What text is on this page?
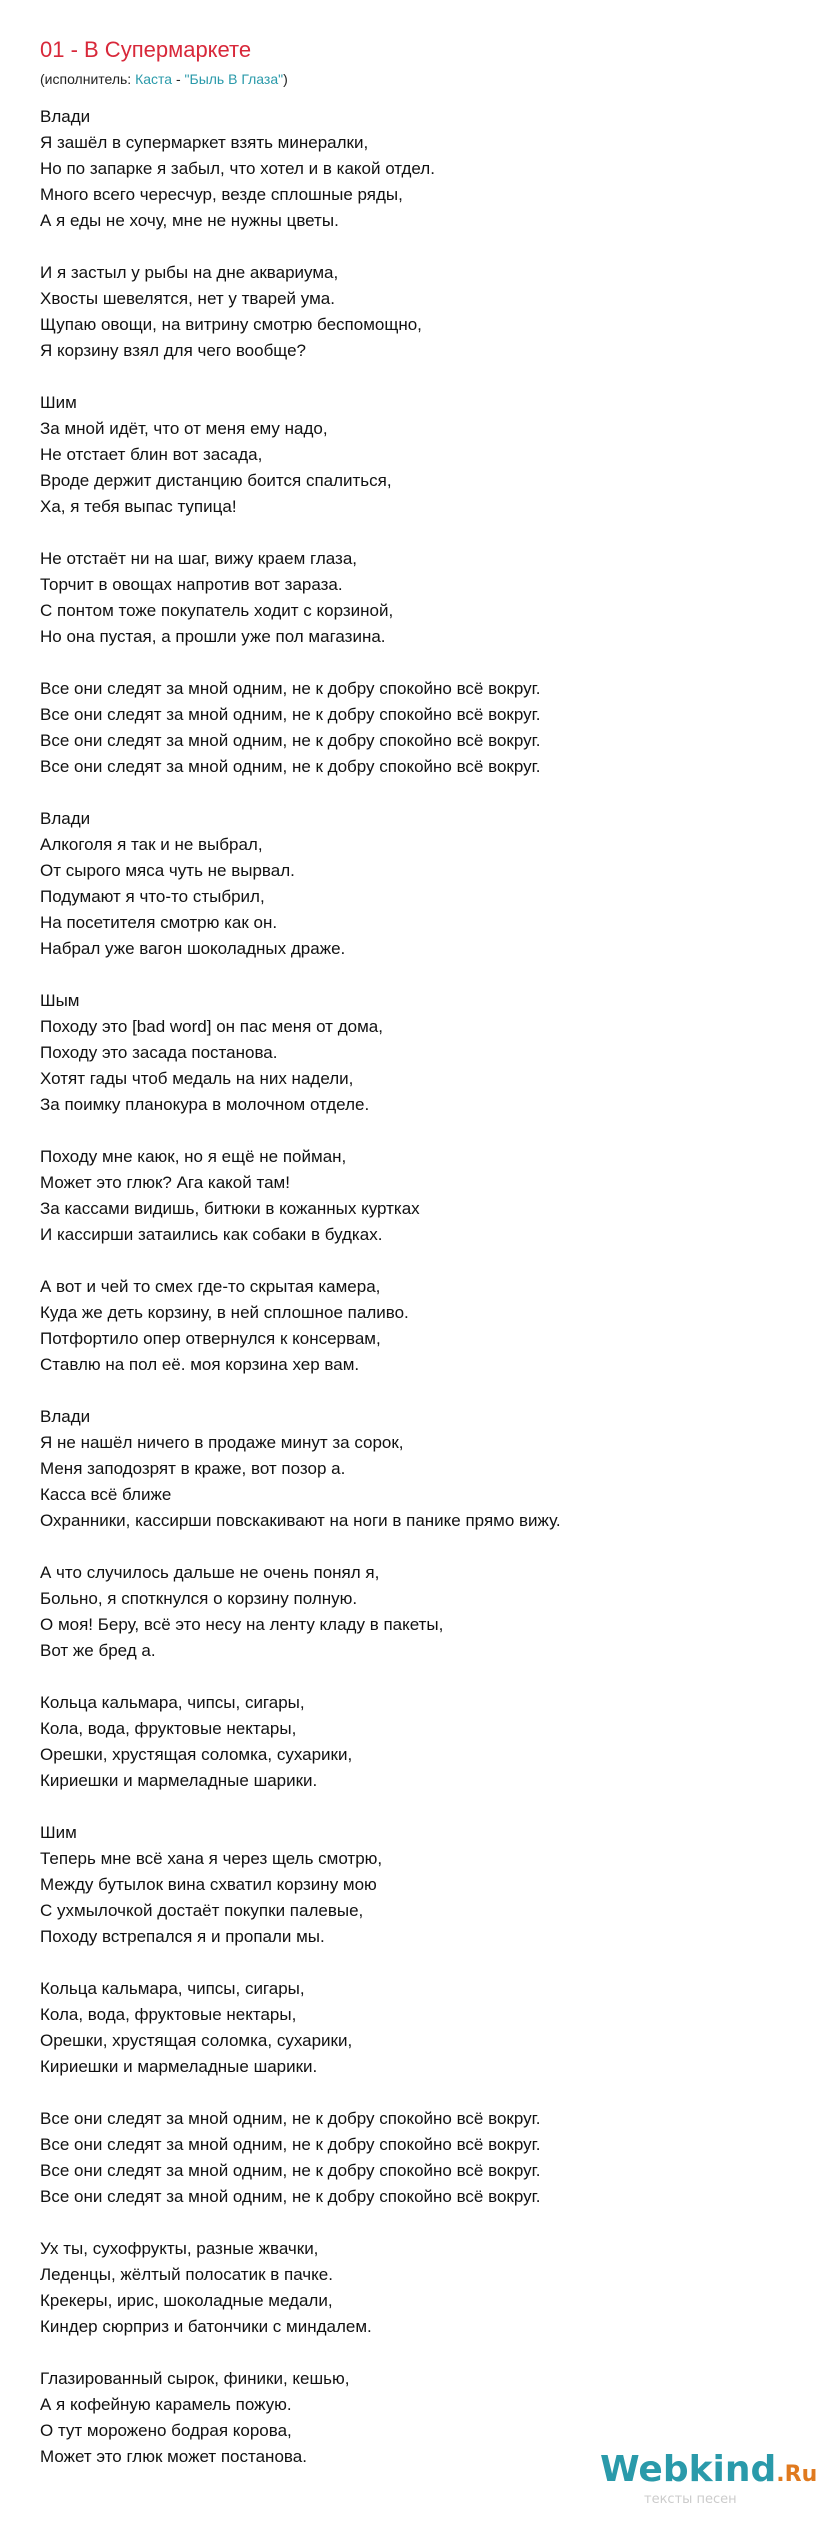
01 - В Супермаркете
(исполнитель: Каста - "Быль В Глаза")
Влади
Я зашёл в супермаркет взять минералки,
Но по запарке я забыл, что хотел и в какой отдел.
Много всего чересчур, везде сплошные ряды,
А я еды не хочу, мне не нужны цветы.

И я застыл у рыбы на дне аквариума,
Хвосты шевелятся, нет у тварей ума.
Щупаю овощи, на витрину смотрю беспомощно,
Я корзину взял для чего вообще?

Шим
За мной идёт, что от меня ему надо,
Не отстает блин вот засада,
Вроде держит дистанцию боится спалиться,
Ха, я тебя выпас тупица!

Не отстаёт ни на шаг, вижу краем глаза,
Торчит в овощах напротив вот зараза.
С понтом тоже покупатель ходит с корзиной,
Но она пустая, а прошли уже пол магазина.

Все они следят за мной одним, не к добру спокойно всё вокруг.
Все они следят за мной одним, не к добру спокойно всё вокруг.
Все они следят за мной одним, не к добру спокойно всё вокруг.
Все они следят за мной одним, не к добру спокойно всё вокруг.

Влади
Алкоголя я так и не выбрал,
От сырого мяса чуть не вырвал.
Подумают я что-то стыбрил,
На посетителя смотрю как он.
Набрал уже вагон шоколадных драже.

Шым
Походу это [bad word] он пас меня от дома,
Походу это засада постанова.
Хотят гады чтоб медаль на них надели,
За поимку планокура в молочном отделе.

Походу мне каюк, но я ещё не пойман,
Может это глюк? Ага какой там!
За кассами видишь, битюки в кожанных куртках
И кассирши затаились как собаки в будках.

А вот и чей то смех где-то скрытая камера,
Куда же деть корзину, в ней сплошное паливо.
Потфортило опер отвернулся к консервам,
Ставлю на пол её. моя корзина хер вам.

Влади
Я не нашёл ничего в продаже минут за сорок,
Меня заподозрят в краже, вот позор а.
Касса всё ближе
Охранники, кассирши повскакивают на ноги в панике прямо вижу.

А что случилось дальше не очень понял я,
Больно, я споткнулся о корзину полную.
О моя! Беру, всё это несу на ленту кладу в пакеты,
Вот же бред а.

Кольца кальмара, чипсы, сигары,
Кола, вода, фруктовые нектары,
Орешки, хрустящая соломка, сухарики,
Кириешки и мармеладные шарики.

Шим
Теперь мне всё хана я через щель смотрю,
Между бутылок вина схватил корзину мою
С ухмылочкой достаёт покупки палевые,
Походу встрепался я и пропали мы.

Кольца кальмара, чипсы, сигары,
Кола, вода, фруктовые нектары,
Орешки, хрустящая соломка, сухарики,
Кириешки и мармеладные шарики.

Все они следят за мной одним, не к добру спокойно всё вокруг.
Все они следят за мной одним, не к добру спокойно всё вокруг.
Все они следят за мной одним, не к добру спокойно всё вокруг.
Все они следят за мной одним, не к добру спокойно всё вокруг.

Ух ты, сухофрукты, разные жвачки,
Леденцы, жёлтый полосатик в пачке.
Крекеры, ирис, шоколадные медали,
Киндер сюрприз и батончики с миндалем.

Глазированный сырок, финики, кешью,
А я кофейную карамель пожую.
О тут морожено бодрая корова,
Может это глюк может постанова.	Webkind.Ru
тексты песен
